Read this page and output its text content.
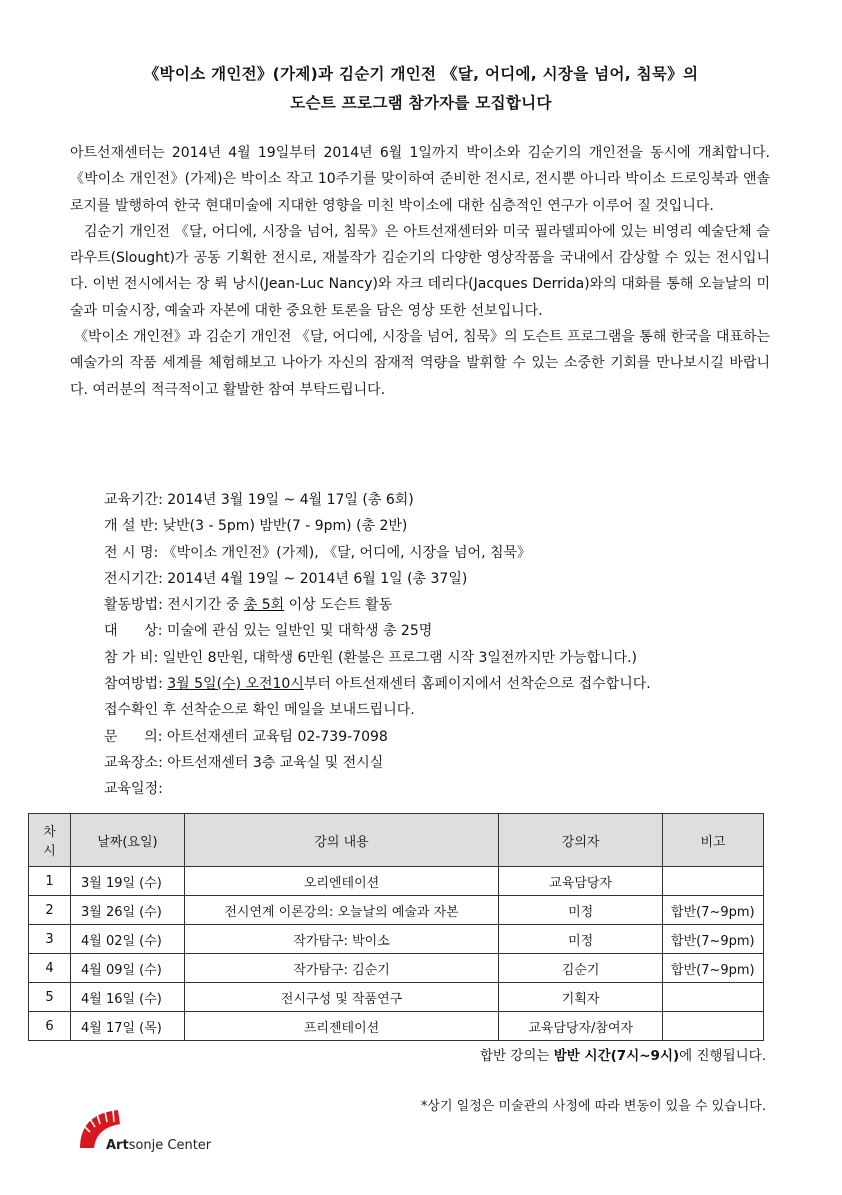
《박이소 개인전》(가제)과 김순기 개인전 《달, 어디에, 시장을 넘어, 침묵》의
도슨트 프로그램 참가자를 모집합니다

아트선재센터는 2014년 4월 19일부터 2014년 6월 1일까지 박이소와 김순기의 개인전을 동시에 개최합니다. 《박이소 개인전》(가제)은 박이소 작고 10주기를 맞이하여 준비한 전시로, 전시뿐 아니라 박이소 드로잉북과 앤솔로지를 발행하여 한국 현대미술에 지대한 영향을 미친 박이소에 대한 심층적인 연구가 이루어 질 것입니다.

김순기 개인전 《달, 어디에, 시장을 넘어, 침묵》은 아트선재센터와 미국 필라델피아에 있는 비영리 예술단체 슬라우트(Slought)가 공동 기획한 전시로, 재불작가 김순기의 다양한 영상작품을 국내에서 감상할 수 있는 전시입니다. 이번 전시에서는 장 뤽 낭시(Jean-Luc Nancy)와 자크 데리다(Jacques Derrida)와의 대화를 통해 오늘날의 미술과 미술시장, 예술과 자본에 대한 중요한 토론을 담은 영상 또한 선보입니다.

《박이소 개인전》과 김순기 개인전 《달, 어디에, 시장을 넘어, 침묵》의 도슨트 프로그램을 통해 한국을 대표하는 예술가의 작품 세계를 체험해보고 나아가 자신의 잠재적 역량을 발휘할 수 있는 소중한 기회를 만나보시길 바랍니다. 여러분의 적극적이고 활발한 참여 부탁드립니다.

교육기간: 2014년 3월 19일 ~ 4월 17일 (총 6회)
개 설 반: 낮반(3 - 5pm) 밤반(7 - 9pm) (총 2반)
전 시 명: 《박이소 개인전》(가제), 《달, 어디에, 시장을 넘어, 침묵》
전시기간: 2014년 4월 19일 ~ 2014년 6월 1일 (총 37일)
활동방법: 전시기간 중 총 5회 이상 도슨트 활동
대      상: 미술에 관심 있는 일반인 및 대학생 총 25명
참 가 비: 일반인 8만원, 대학생 6만원 (환불은 프로그램 시작 3일전까지만 가능합니다.)
참여방법: 3월 5일(수) 오전10시부터 아트선재센터 홈페이지에서 선착순으로 접수합니다.
접수확인 후 선착순으로 확인 메일을 보내드립니다.
문      의: 아트선재센터 교육팀 02-739-7098
교육장소: 아트선재센터 3층 교육실 및 전시실
교육일정:
차시	날짜(요일)	강의 내용	강의자	비고
1	3월 19일 (수)	오리엔테이션	교육담당자	
2	3월 26일 (수)	전시연계 이론강의: 오늘날의 예술과 자본	미정	합반(7~9pm)
3	4월 02일 (수)	작가탐구: 박이소	미정	합반(7~9pm)
4	4월 09일 (수)	작가탐구: 김순기	김순기	합반(7~9pm)
5	4월 16일 (수)	전시구성 및 작품연구	기획자	
6	4월 17일 (목)	프리젠테이션	교육담당자/참여자	
합반 강의는 밤반 시간(7시~9시)에 진행됩니다.
*상기 일정은 미술관의 사정에 따라 변동이 있을 수 있습니다.
Artsonje Center
